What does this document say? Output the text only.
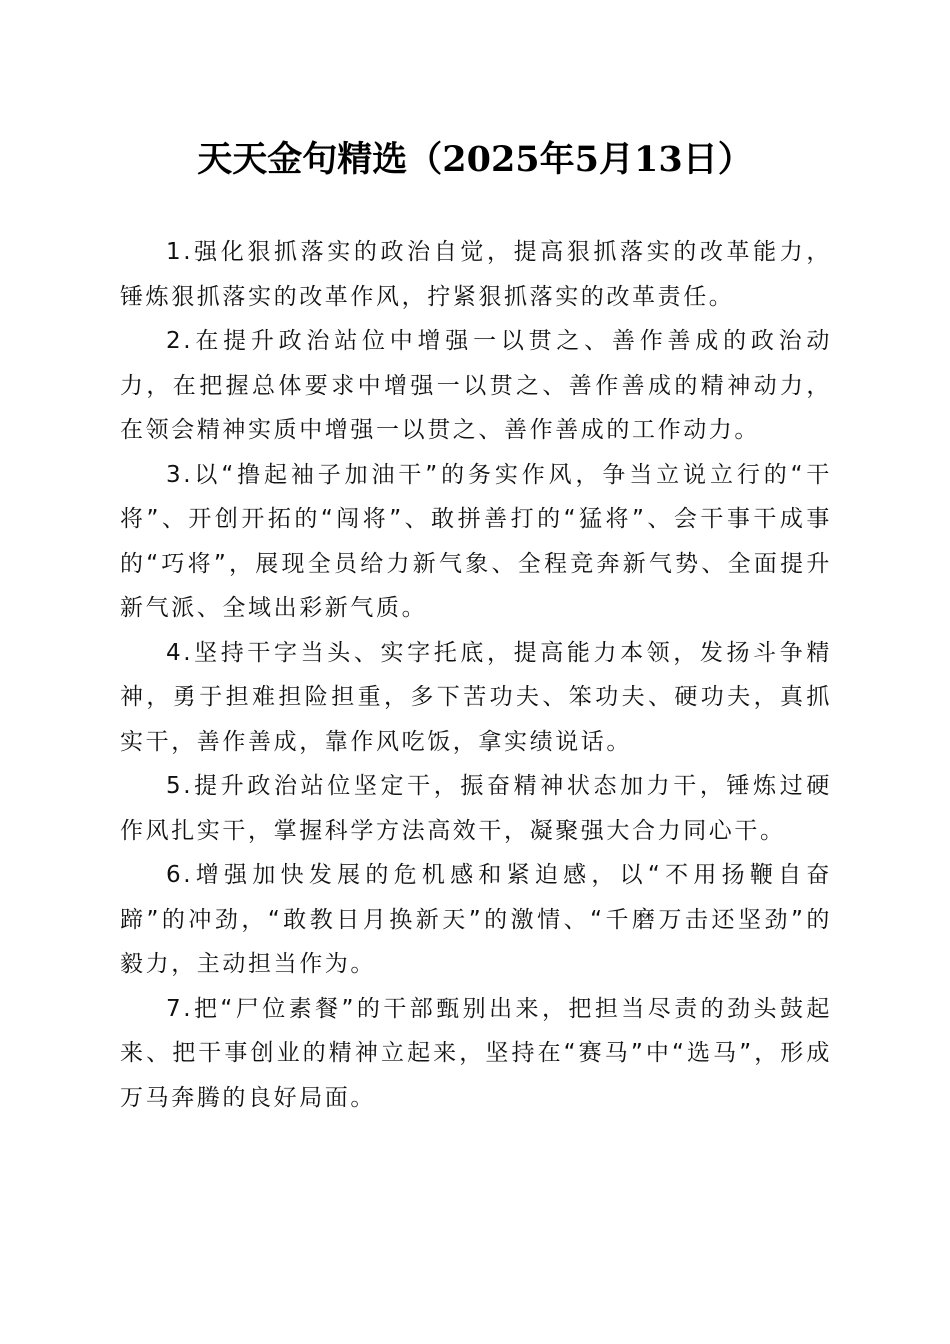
天天金句精选（2025年5月13日）

1.强化狠抓落实的政治自觉，提高狠抓落实的改革能力，锤炼狠抓落实的改革作风，拧紧狠抓落实的改革责任。

2.在提升政治站位中增强一以贯之、善作善成的政治动力，在把握总体要求中增强一以贯之、善作善成的精神动力，在领会精神实质中增强一以贯之、善作善成的工作动力。

3.以“撸起袖子加油干”的务实作风，争当立说立行的“干将”、开创开拓的“闯将”、敢拼善打的“猛将”、会干事干成事的“巧将”，展现全员给力新气象、全程竞奔新气势、全面提升新气派、全域出彩新气质。

4.坚持干字当头、实字托底，提高能力本领，发扬斗争精神，勇于担难担险担重，多下苦功夫、笨功夫、硬功夫，真抓实干，善作善成，靠作风吃饭，拿实绩说话。

5.提升政治站位坚定干，振奋精神状态加力干，锤炼过硬作风扎实干，掌握科学方法高效干，凝聚强大合力同心干。

6.增强加快发展的危机感和紧迫感，以“不用扬鞭自奋蹄”的冲劲，“敢教日月换新天”的激情、“千磨万击还坚劲”的毅力，主动担当作为。

7.把“尸位素餐”的干部甄别出来，把担当尽责的劲头鼓起来、把干事创业的精神立起来，坚持在“赛马”中“选马”，形成万马奔腾的良好局面。
